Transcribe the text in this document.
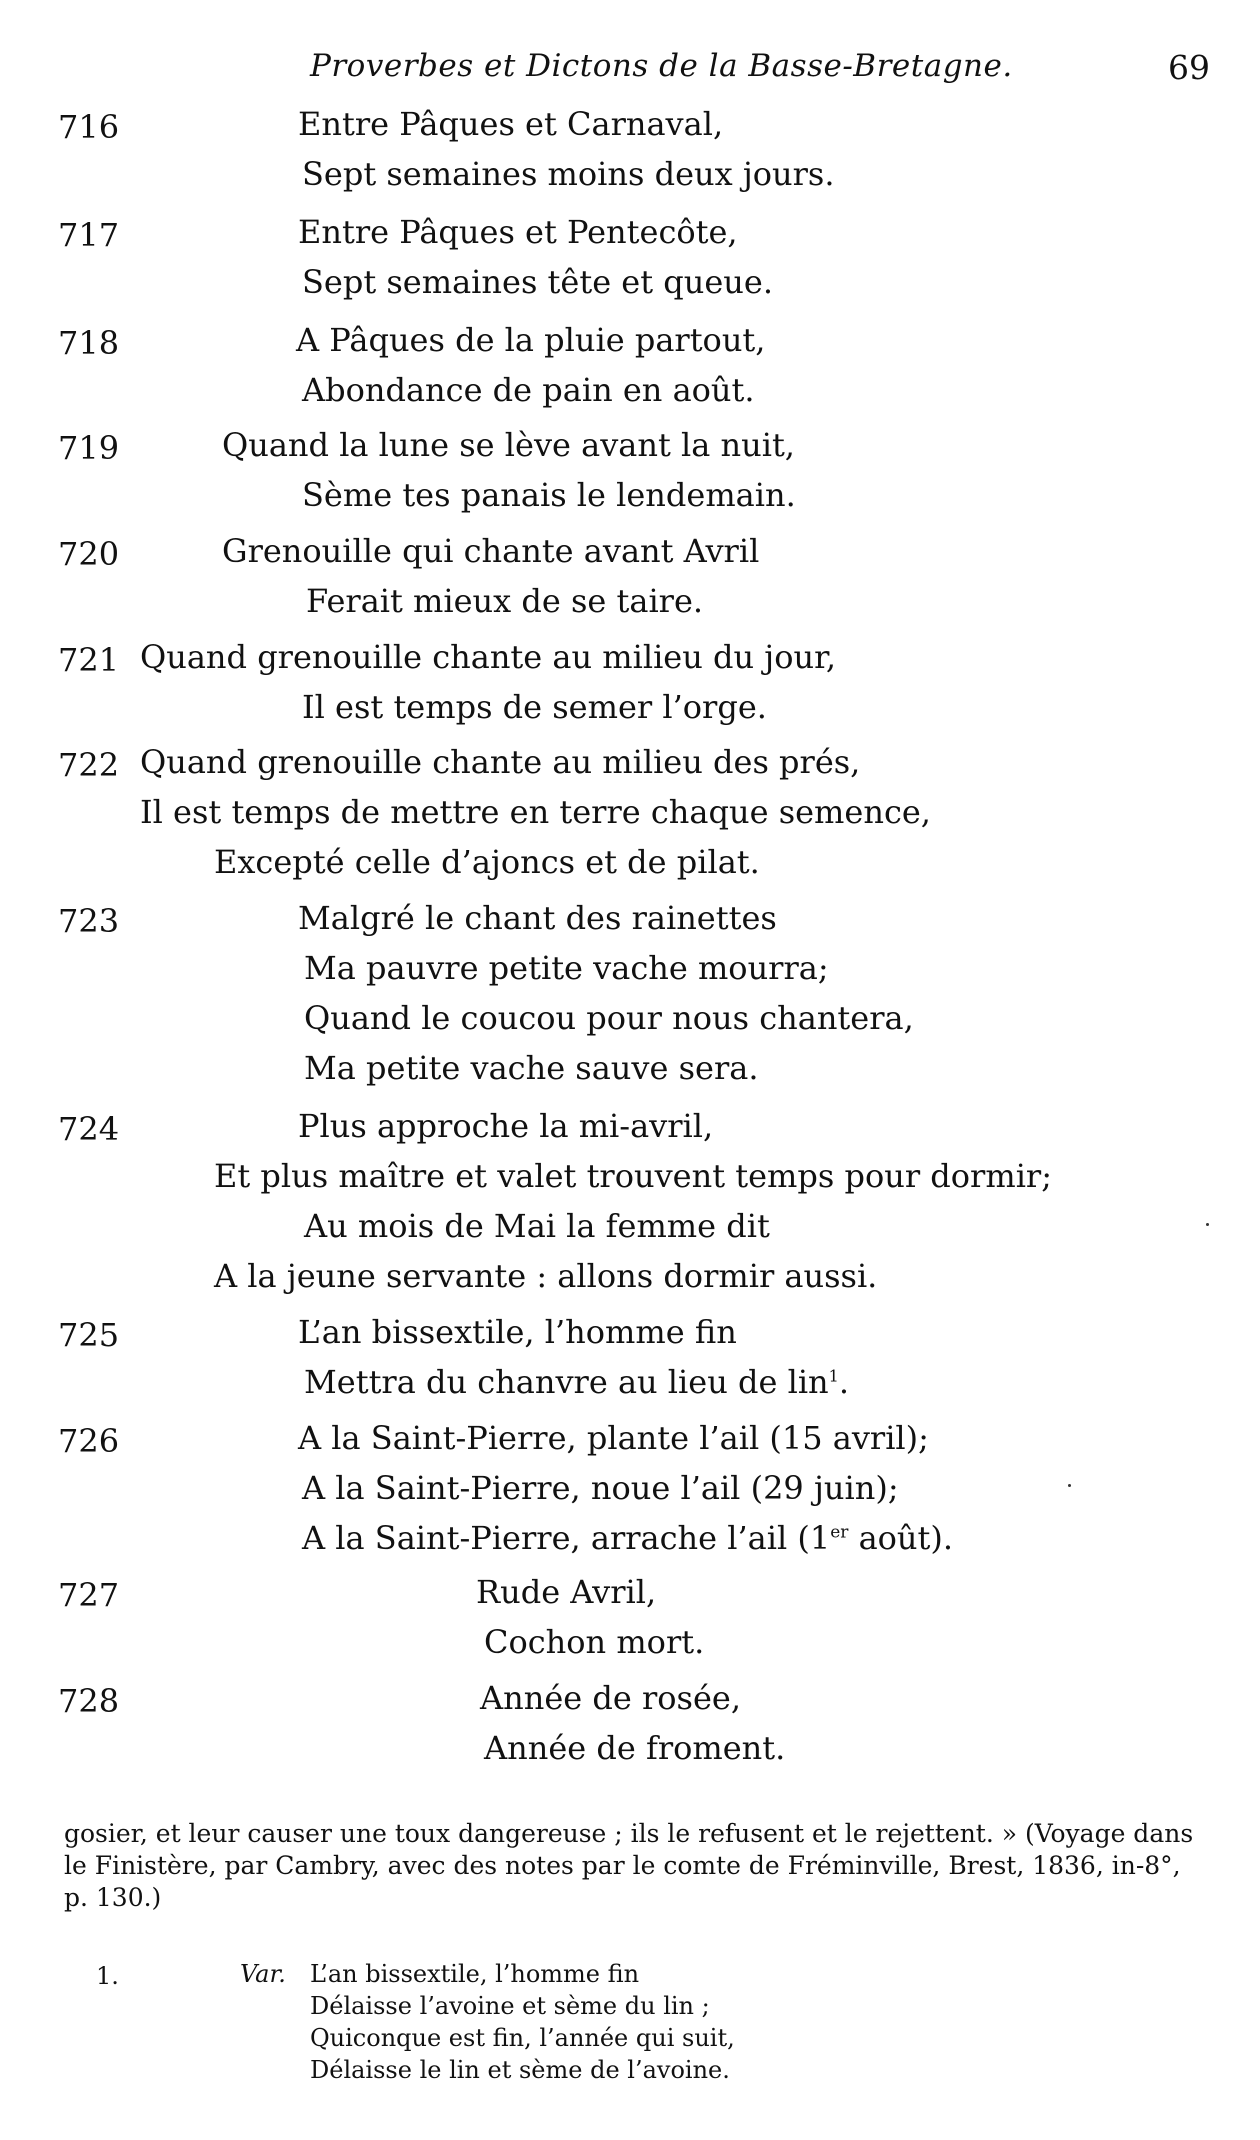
Proverbes et Dictons de la Basse-Bretagne.	69
716	Entre Pâques et Carnaval,
Sept semaines moins deux jours.
717	Entre Pâques et Pentecôte,
Sept semaines tête et queue.
718	A Pâques de la pluie partout,
Abondance de pain en août.
719	Quand la lune se lève avant la nuit,
Sème tes panais le lendemain.
720	Grenouille qui chante avant Avril
Ferait mieux de se taire.
721 Quand grenouille chante au milieu du jour,
Il est temps de semer l’orge.
722 Quand grenouille chante au milieu des prés,
Il est temps de mettre en terre chaque semence,
Excepté celle d’ajoncs et de pilat.
723	Malgré le chant des rainettes
Ma pauvre petite vache mourra;
Quand le coucou pour nous chantera,
Ma petite vache sauve sera.
724	Plus approche la mi-avril,
Et plus maître et valet trouvent temps pour dormir;
Au mois de Mai la femme dit
A la jeune servante : allons dormir aussi.
725	L’an bissextile, l’homme fin
Mettra du chanvre au lieu de lin$^1$.
726	A la Saint-Pierre, plante l’ail (15 avril);
A la Saint-Pierre, noue l’ail (29 juin);
A la Saint-Pierre, arrache l’ail (1er août).
727	Rude Avril,
Cochon mort.
728	Année de rosée,
Année de froment.
gosier, et leur causer une toux dangereuse ; ils le refusent et le rejettent. » (Voyage dans
le Finistère, par Cambry, avec des notes par le comte de Fréminville, Brest, 1836, in-8°,
p. 130.)
1.	Var. L’an bissextile, l’homme fin
Délaisse l’avoine et sème du lin ;
Quiconque est fin, l’année qui suit,
Délaisse le lin et sème de l’avoine.
